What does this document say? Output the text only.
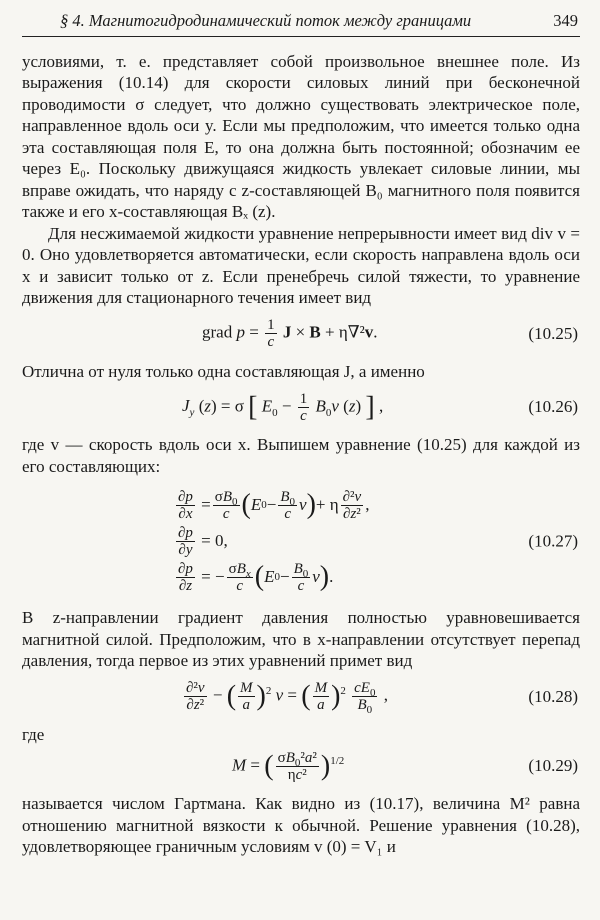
§ 4. Магнитогидродинамический поток между границами	349

условиями, т. е. представляет собой произвольное внешнее поле. Из выражения (10.14) для скорости силовых линий при бесконечной проводимости σ следует, что должно существовать электрическое поле, направленное вдоль оси y. Если мы предположим, что имеется только одна эта составляющая поля E, то она должна быть постоянной; обозначим ее через E₀. Поскольку движущаяся жидкость увлекает силовые линии, мы вправе ожидать, что наряду с z-составляющей B₀ магнитного поля появится также и его x-составляющая Bₓ (z).

Для несжимаемой жидкости уравнение непрерывности имеет вид div v = 0. Оно удовлетворяется автоматически, если скорость направлена вдоль оси x и зависит только от z. Если пренебречь силой тяжести, то уравнение движения для стационарного течения имеет вид

grad $p = \frac{1}{c}$ J × B + η∇²v.	(10.25)

Отлична от нуля только одна составляющая J, а именно

$J_y$ (z) = σ [ $E_0 - \frac{1}{c} B_0v$ (z) ] ,	(10.26)

где v — скорость вдоль оси x. Выпишем уравнение (10.25) для каждой из его составляющих:

$\frac{\partial p}{\partial x} = \frac{\sigma B_0}{c}$ ( E $0 - \frac{B_0}{c}$ v ) + η $\frac{\text{∂²v}}{\text{∂z²}}$ ,
$\frac{\partial p}{\partial y} = 0$,
$\frac{\partial p}{\partial z}$ = − $\frac{\sigma B_x}{c}$ ( E $0 - \frac{B_0}{c}$ v ) .
(10.27)

В z-направлении градиент давления полностью уравновешивается магнитной силой. Предположим, что в x-направлении отсутствует перепад давления, тогда первое из этих уравнений примет вид

$\frac{\text{∂²v}}{\text{∂z²}}$ − ( $\frac{M}{a} )^2$ v = ( $\frac{M}{a} )^2 \frac{cE_0}{B_0}$ ,	(10.28)

где

M = ( $\frac{\sigma B_0^2a^2}{\text{ηc²}} )^{1/2}$	(10.29)

называется числом Гартмана. Как видно из (10.17), величина M² равна отношению магнитной вязкости к обычной. Решение уравнения (10.28), удовлетворяющее граничным условиям v (0) = V₁ и
